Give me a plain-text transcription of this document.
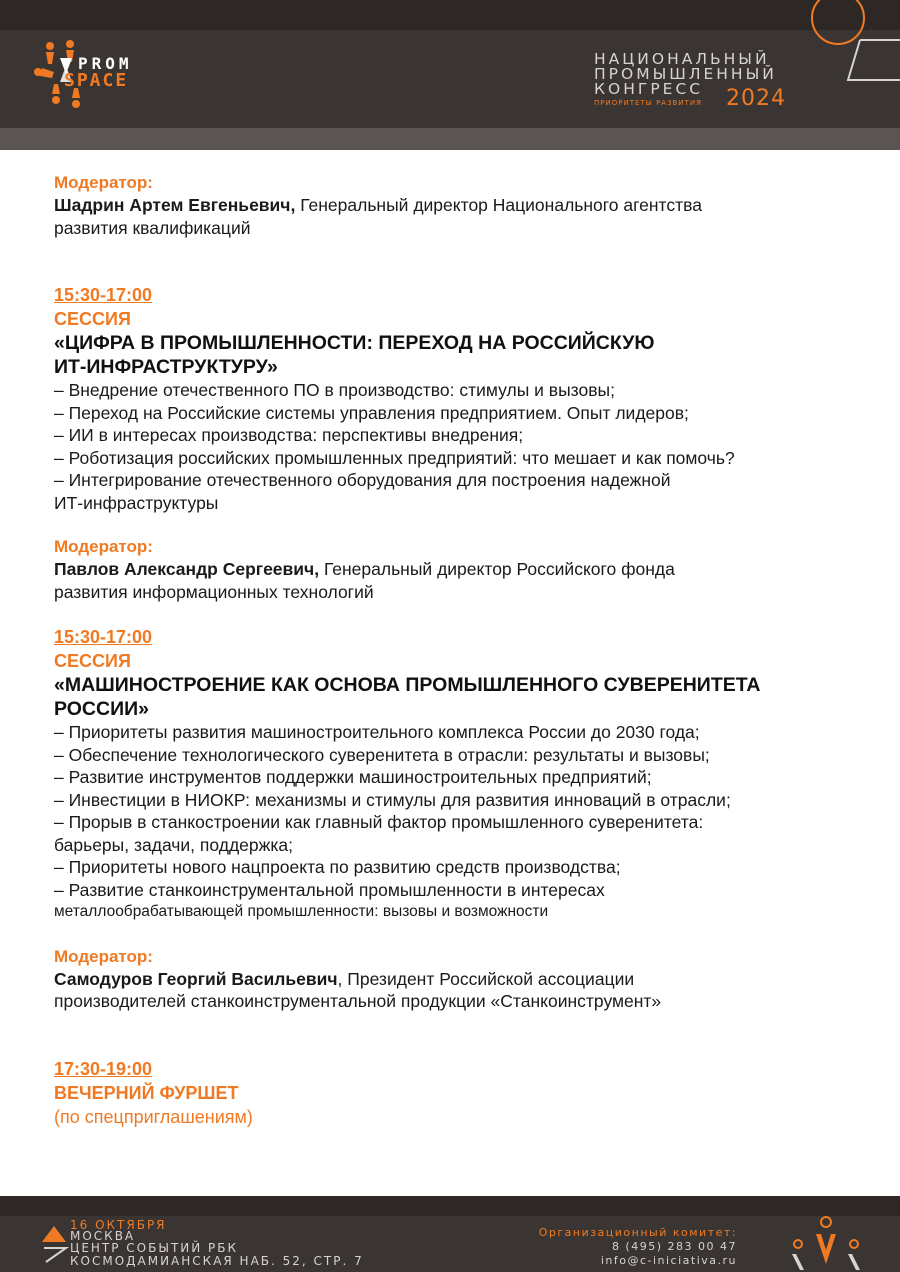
PROM
SPACE
НАЦИОНАЛЬНЫЙ
ПРОМЫШЛЕННЫЙ
КОНГРЕСС
ПРИОРИТЕТЫ РАЗВИТИЯ 2024
Модератор:
Шадрин Артем Евгеньевич, Генеральный директор Национального агентства
развития квалификаций
15:30-17:00
СЕССИЯ
«ЦИФРА В ПРОМЫШЛЕННОСТИ: ПЕРЕХОД НА РОССИЙСКУЮ
ИТ-ИНФРАСТРУКТУРУ»
– Внедрение отечественного ПО в производство: стимулы и вызовы;
– Переход на Российские системы управления предприятием. Опыт лидеров;
– ИИ в интересах производства: перспективы внедрения;
– Роботизация российских промышленных предприятий: что мешает и как помочь?
– Интегрирование отечественного оборудования для построения надежной
ИТ-инфраструктуры
Модератор:
Павлов Александр Сергеевич, Генеральный директор Российского фонда
развития информационных технологий
15:30-17:00
СЕССИЯ
«МАШИНОСТРОЕНИЕ КАК ОСНОВА ПРОМЫШЛЕННОГО СУВЕРЕНИТЕТА
РОССИИ»
– Приоритеты развития машиностроительного комплекса России до 2030 года;
– Обеспечение технологического суверенитета в отрасли: результаты и вызовы;
– Развитие инструментов поддержки машиностроительных предприятий;
– Инвестиции в НИОКР: механизмы и стимулы для развития инноваций в отрасли;
– Прорыв в станкостроении как главный фактор промышленного суверенитета:
барьеры, задачи, поддержка;
– Приоритеты нового нацпроекта по развитию средств производства;
– Развитие станкоинструментальной промышленности в интересах
металлообрабатывающей промышленности: вызовы и возможности
Модератор:
Самодуров Георгий Васильевич, Президент Российской ассоциации
производителей станкоинструментальной продукции «Станкоинструмент»
17:30-19:00
ВЕЧЕРНИЙ ФУРШЕТ
(по спецприглашениям)
16 ОКТЯБРЯ
МОСКВА
ЦЕНТР СОБЫТИЙ РБК
КОСМОДАМИАНСКАЯ НАБ. 52, СТР. 7
Организационный комитет:
8 (495) 283 00 47
info@c-iniciativa.ru
